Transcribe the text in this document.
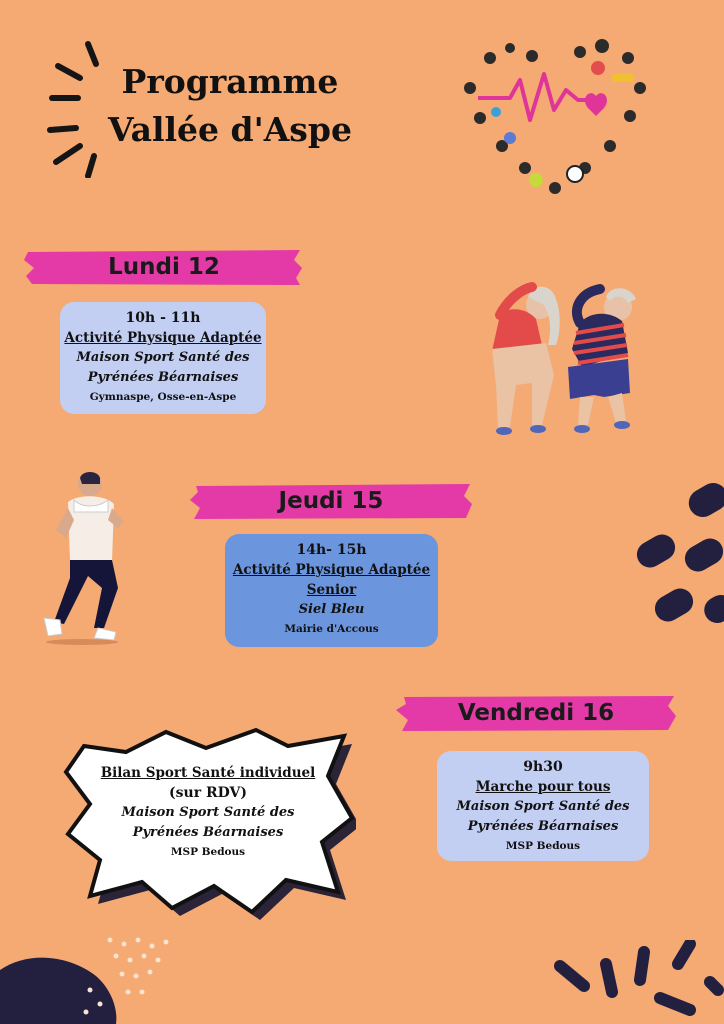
Programme
Vallée d'Aspe
Lundi 12
10h - 11h
Activité Physique Adaptée
Maison Sport Santé des
Pyrénées Béarnaises
Gymnaspe, Osse-en-Aspe
Jeudi 15
14h- 15h
Activité Physique Adaptée
Senior
Siel Bleu
Mairie d'Accous
Vendredi 16
9h30
Marche pour tous
Maison Sport Santé des
Pyrénées Béarnaises
MSP Bedous
Bilan Sport Santé individuel
(sur RDV)
Maison Sport Santé des
Pyrénées Béarnaises
MSP Bedous
